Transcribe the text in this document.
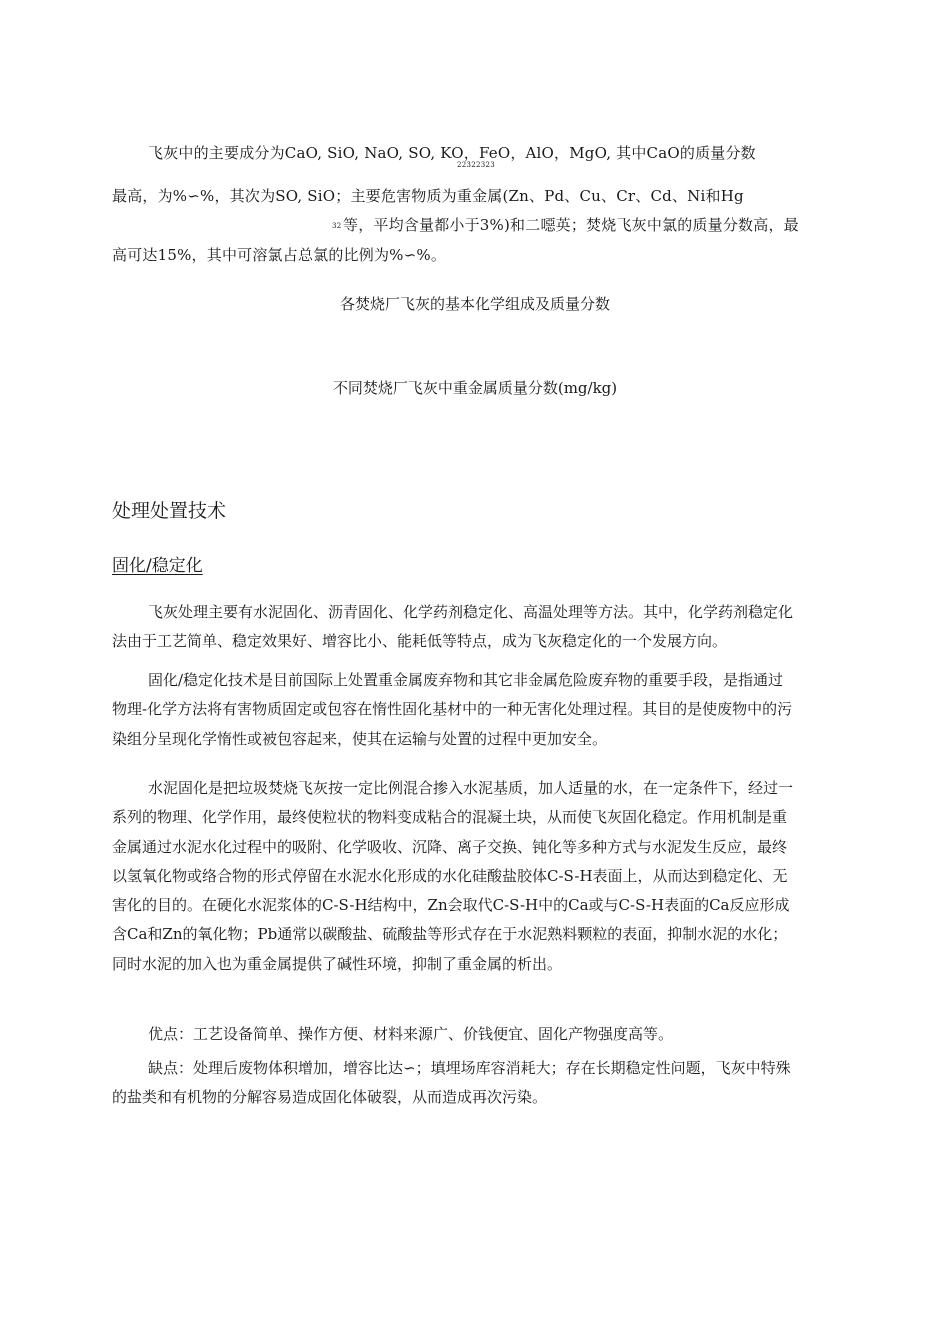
飞灰中的主要成分为CaO, SiO, NaO, SO, KO，FeO，AlO，MgO, 其中CaO的质量分数
22322323
最高，为%∽%，其次为SO, SiO；主要危害物质为重金属(Zn、Pd、Cu、Cr、Cd、Ni和Hg
32 等，平均含量都小于3%)和二噁英；焚烧飞灰中氯的质量分数高，最
高可达15%，其中可溶氯占总氯的比例为%∽%。
各焚烧厂飞灰的基本化学组成及质量分数
不同焚烧厂飞灰中重金属质量分数(mg/kg)
处理处置技术
固化/稳定化
飞灰处理主要有水泥固化、沥青固化、化学药剂稳定化、高温处理等方法。其中，化学药剂稳定化
法由于工艺简单、稳定效果好、增容比小、能耗低等特点，成为飞灰稳定化的一个发展方向。
固化/稳定化技术是目前国际上处置重金属废弃物和其它非金属危险废弃物的重要手段，是指通过
物理-化学方法将有害物质固定或包容在惰性固化基材中的一种无害化处理过程。其目的是使废物中的污
染组分呈现化学惰性或被包容起来，使其在运输与处置的过程中更加安全。
水泥固化是把垃圾焚烧飞灰按一定比例混合掺入水泥基质，加人适量的水，在一定条件下，经过一
系列的物理、化学作用，最终使粒状的物料变成粘合的混凝土块，从而使飞灰固化稳定。作用机制是重
金属通过水泥水化过程中的吸附、化学吸收、沉降、离子交换、钝化等多种方式与水泥发生反应，最终
以氢氧化物或络合物的形式停留在水泥水化形成的水化硅酸盐胶体C-S-H表面上，从而达到稳定化、无
害化的目的。在硬化水泥浆体的C-S-H结构中，Zn会取代C-S-H中的Ca或与C-S-H表面的Ca反应形成
含Ca和Zn的氧化物；Pb通常以碳酸盐、硫酸盐等形式存在于水泥熟料颗粒的表面，抑制水泥的水化；
同时水泥的加入也为重金属提供了碱性环境，抑制了重金属的析出。
优点：工艺设备简单、操作方便、材料来源广、价钱便宜、固化产物强度高等。
缺点：处理后废物体积增加，增容比达∽；填埋场库容消耗大；存在长期稳定性问题，飞灰中特殊
的盐类和有机物的分解容易造成固化体破裂，从而造成再次污染。
